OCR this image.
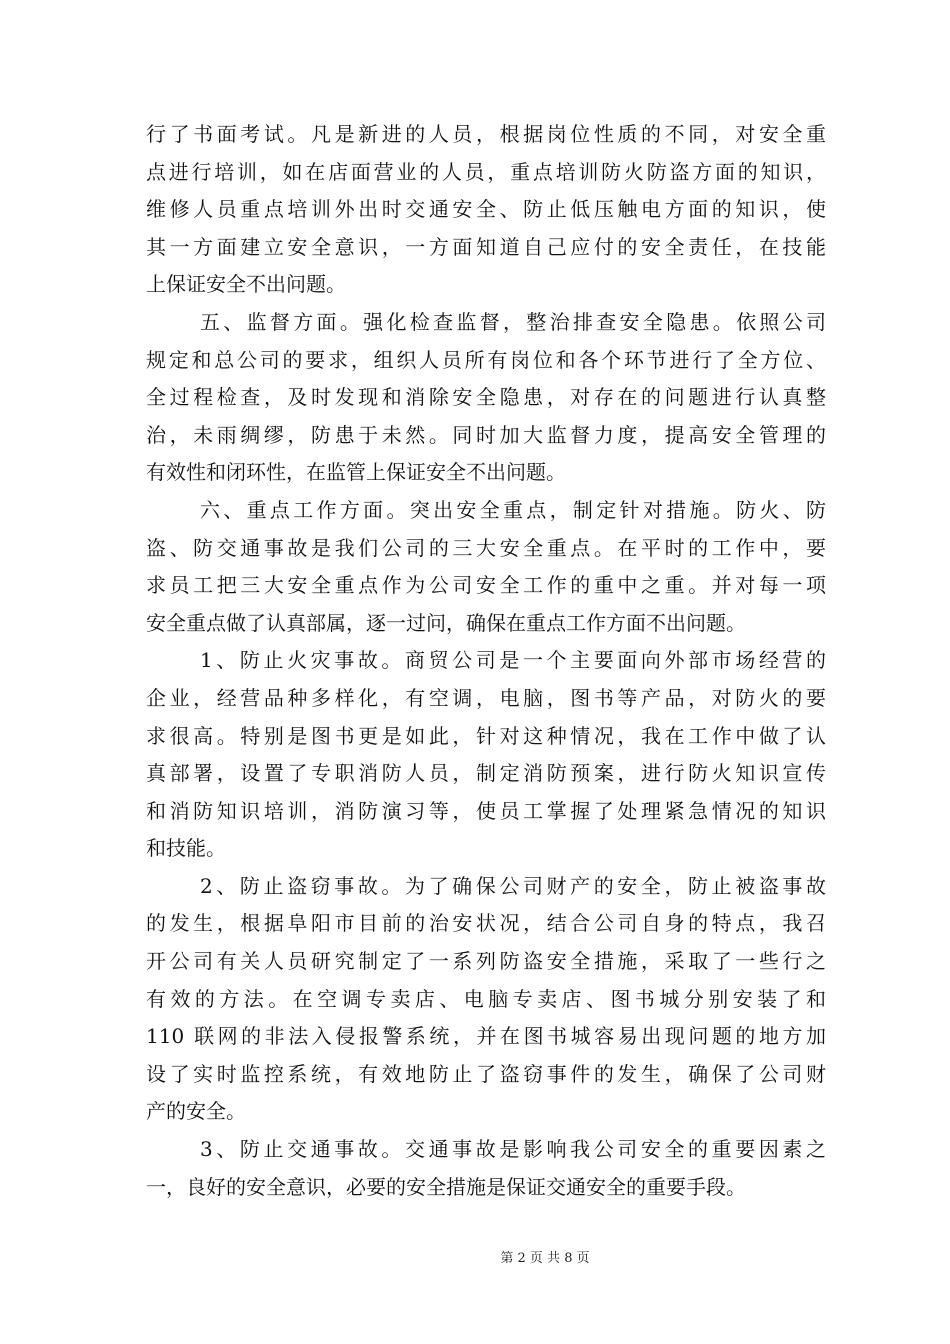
行了书面考试。凡是新进的人员，根据岗位性质的不同，对安全重
点进行培训，如在店面营业的人员，重点培训防火防盗方面的知识，
维修人员重点培训外出时交通安全、防止低压触电方面的知识，使
其一方面建立安全意识，一方面知道自己应付的安全责任，在技能
上保证安全不出问题。
五、监督方面。强化检查监督，整治排查安全隐患。依照公司
规定和总公司的要求，组织人员所有岗位和各个环节进行了全方位、
全过程检查，及时发现和消除安全隐患，对存在的问题进行认真整
治，未雨绸缪，防患于未然。同时加大监督力度，提高安全管理的
有效性和闭环性，在监管上保证安全不出问题。
六、重点工作方面。突出安全重点，制定针对措施。防火、防
盗、防交通事故是我们公司的三大安全重点。在平时的工作中，要
求员工把三大安全重点作为公司安全工作的重中之重。并对每一项
安全重点做了认真部属，逐一过问，确保在重点工作方面不出问题。
1、防止火灾事故。商贸公司是一个主要面向外部市场经营的
企业，经营品种多样化，有空调，电脑，图书等产品，对防火的要
求很高。特别是图书更是如此，针对这种情况，我在工作中做了认
真部署，设置了专职消防人员，制定消防预案，进行防火知识宣传
和消防知识培训，消防演习等，使员工掌握了处理紧急情况的知识
和技能。
2、防止盗窃事故。为了确保公司财产的安全，防止被盗事故
的发生，根据阜阳市目前的治安状况，结合公司自身的特点，我召
开公司有关人员研究制定了一系列防盗安全措施，采取了一些行之
有效的方法。在空调专卖店、电脑专卖店、图书城分别安装了和
110 联网的非法入侵报警系统，并在图书城容易出现问题的地方加
设了实时监控系统，有效地防止了盗窃事件的发生，确保了公司财
产的安全。
3、防止交通事故。交通事故是影响我公司安全的重要因素之
一，良好的安全意识，必要的安全措施是保证交通安全的重要手段。
第 2 页 共 8 页
